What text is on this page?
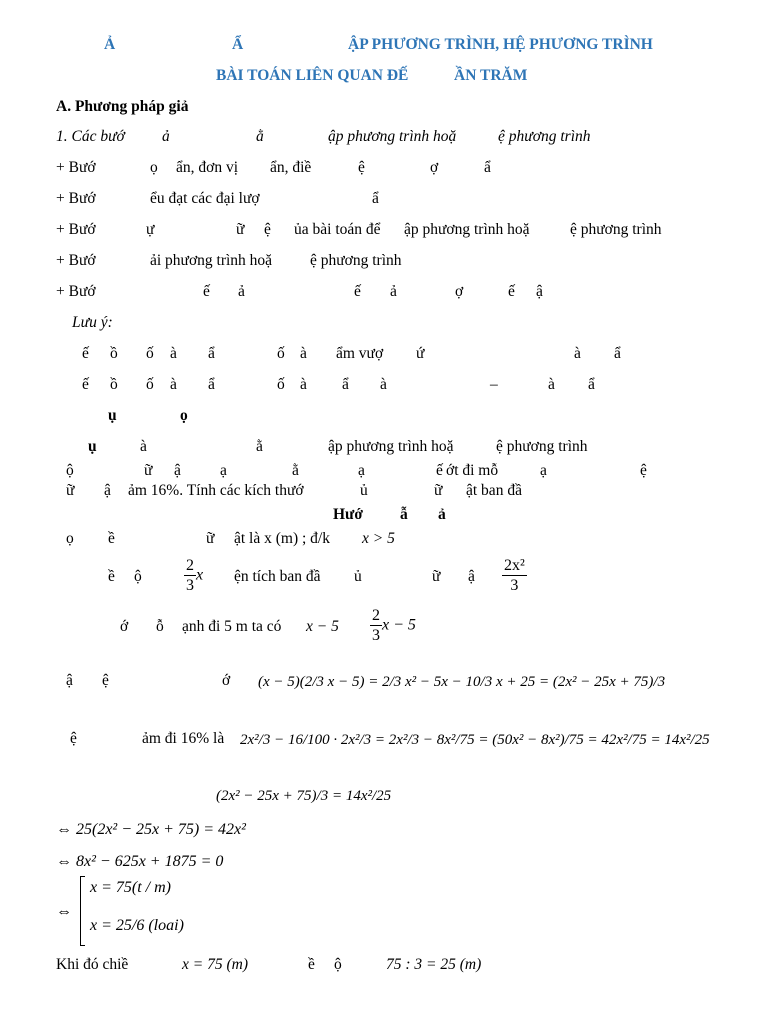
Ả	Ẩ	ẬP PHƯƠNG TRÌNH, HỆ PHƯƠNG TRÌNH
BÀI TOÁN LIÊN QUAN ĐẾ	ẦN TRĂM
A. Phương pháp giả
1. Các bướ ả	ằ	ập phương trình hoặ	ệ phương trình
+ Bướ	ọ ẩn, đơn vị ẩn, điề	ệ	ợ	ẩ
+ Bướ	ểu đạt các đại lượ	ẩ
+ Bướ	ự	ữ ệ ủa bài toán để ập phương trình hoặ	ệ phương trình
+ Bướ	ải phương trình hoặ ệ phương trình
+ Bướ	ế ả	ế ả	ợ	ế ậ
Lưu ý:
ế ồ ố à ẩ	ố à ẩm vượ ứ	à ẩ
ế ồ ố à ẩ	ố à ẩ à	–	à ẩ
ụ	ọ
ụ	à	ằ	ập phương trình hoặ	ệ phương trình
ộ	ữ ậ	ạ	ằ	ạ	ế ớt đi mỗ	ạ	ệ
ữ ậ ảm 16%. Tính các kích thướ	ủ	ữ ật ban đầ
Hướ ẫ ả
ọ ề	ữ ật là x (m) ; đ/k x > 5
ề ộ	$\frac{2}{3}$ x ện tích ban đầ ủ	ữ ậ $\frac{\text{2x²}}{3}$
ớ ỗ ạnh đi 5 m ta có $x - 5 \frac{2}{3}$ x − 5
ậ ệ	ớ (x − 5)(2/3 x − 5) = 2/3 x² − 5x − 10/3 x + 25 = (2x² − 25x + 75)/3
ệ	ảm đi 16% là 2x²/3 − 16/100 · 2x²/3 = 2x²/3 − 8x²/75 = (50x² − 8x²)/75 = 42x²/75 = 14x²/25
(2x² − 25x + 75)/3 = 14x²/25
⇔ 25(2x² − 25x + 75) = 42x²
⇔ 8x² − 625x + 1875 = 0
⇔
x = 75(t / m)
x = 25/6 (loai)
Khi đó chiề	x = 75 (m)	ề ộ	75 : 3 = 25 (m)
